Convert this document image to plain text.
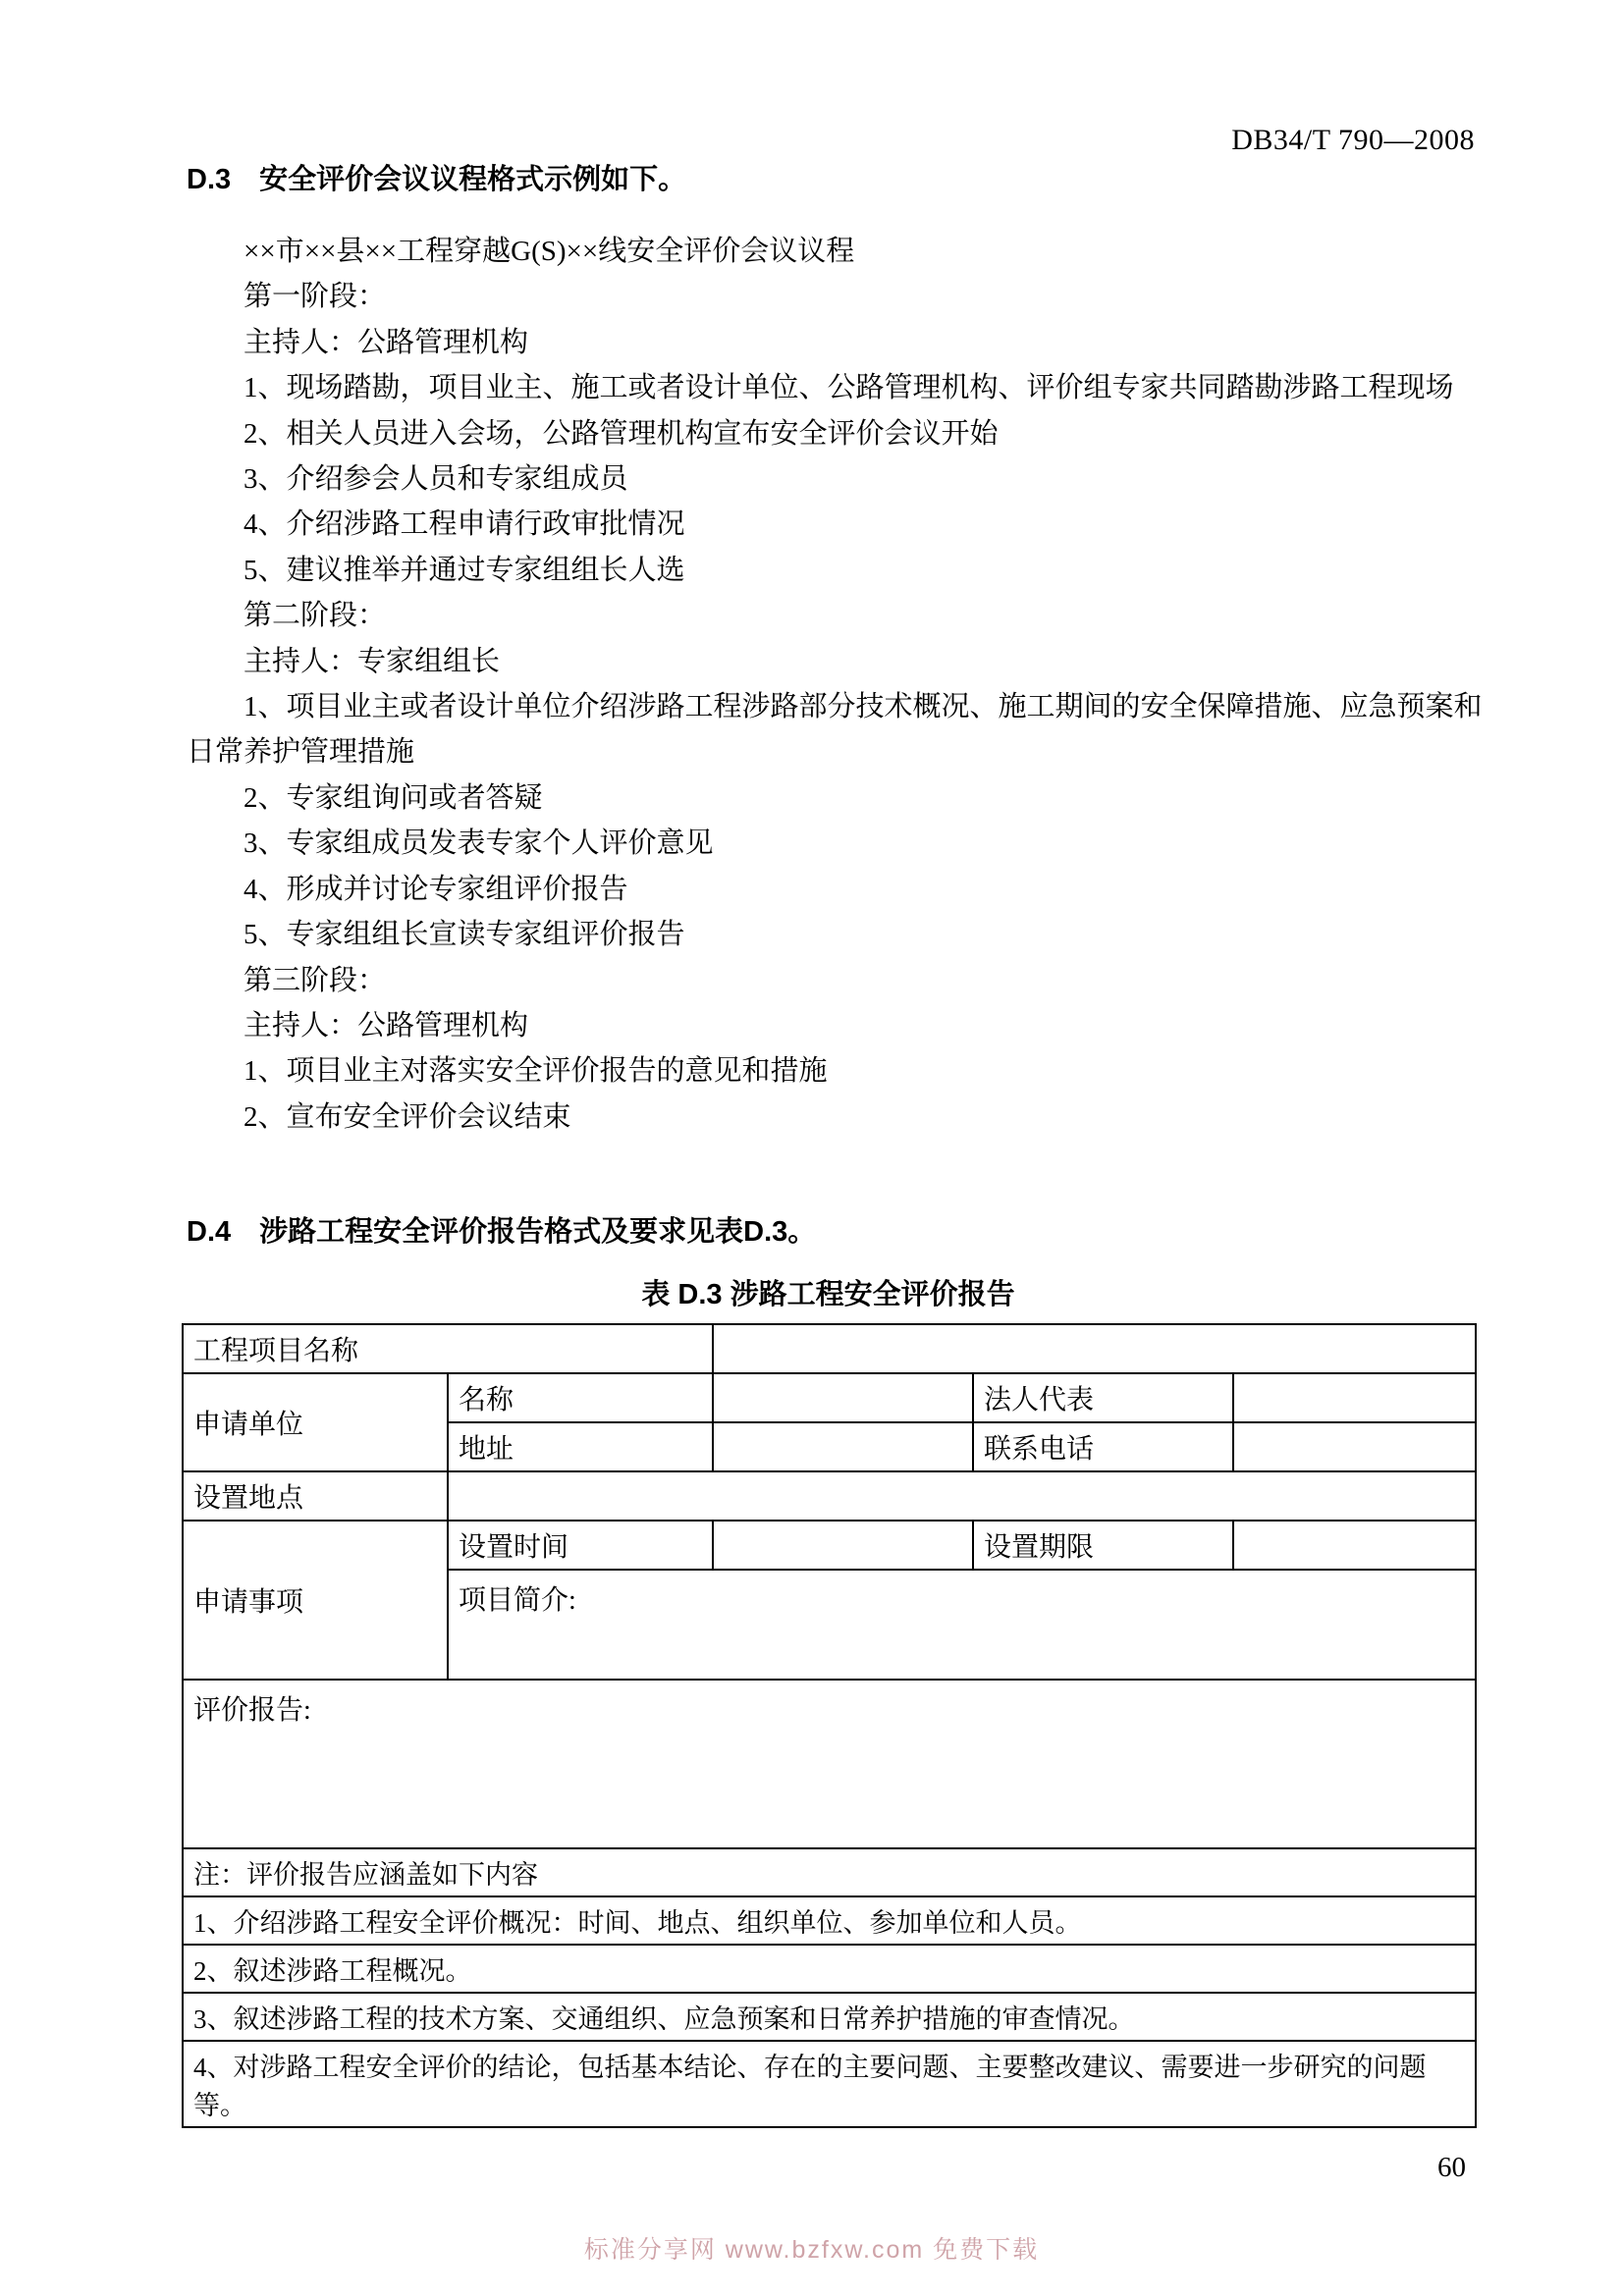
DB34/T 790—2008
D.3　安全评价会议议程格式示例如下。

××市××县××工程穿越G(S)××线安全评价会议议程

第一阶段：

主持人：公路管理机构

1、现场踏勘，项目业主、施工或者设计单位、公路管理机构、评价组专家共同踏勘涉路工程现场

2、相关人员进入会场，公路管理机构宣布安全评价会议开始

3、介绍参会人员和专家组成员

4、介绍涉路工程申请行政审批情况

5、建议推举并通过专家组组长人选

第二阶段：

主持人：专家组组长

1、项目业主或者设计单位介绍涉路工程涉路部分技术概况、施工期间的安全保障措施、应急预案和日常养护管理措施

2、专家组询问或者答疑

3、专家组成员发表专家个人评价意见

4、形成并讨论专家组评价报告

5、专家组组长宣读专家组评价报告

第三阶段：

主持人：公路管理机构

1、项目业主对落实安全评价报告的意见和措施

2、宣布安全评价会议结束

D.4　涉路工程安全评价报告格式及要求见表D.3。
表 D.3 涉路工程安全评价报告
工程项目名称				
申请单位	名称		法人代表	
	地址		联系电话	
设置地点				
申请事项	设置时间		设置期限	
	项目简介:			
评价报告:				
注：评价报告应涵盖如下内容				
1、介绍涉路工程安全评价概况：时间、地点、组织单位、参加单位和人员。				
2、叙述涉路工程概况。				
3、叙述涉路工程的技术方案、交通组织、应急预案和日常养护措施的审查情况。				
4、对涉路工程安全评价的结论，包括基本结论、存在的主要问题、主要整改建议、需要进一步研究的问题等。				
60
标准分享网 www.bzfxw.com 免费下载
